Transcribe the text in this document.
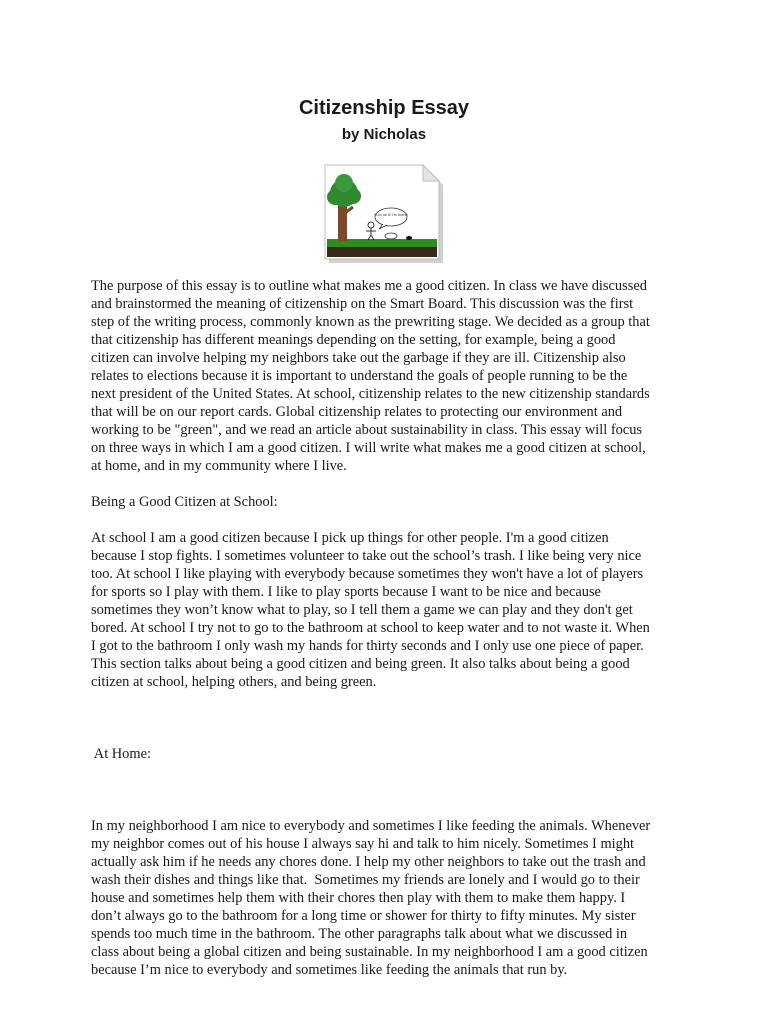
Citizenship Essay
by Nicholas
I can do it! I'm better

The purpose of this essay is to outline what makes me a good citizen. In class we have discussed
and brainstormed the meaning of citizenship on the Smart Board. This discussion was the first
step of the writing process, commonly known as the prewriting stage. We decided as a group that
that citizenship has different meanings depending on the setting, for example, being a good
citizen can involve helping my neighbors take out the garbage if they are ill. Citizenship also
relates to elections because it is important to understand the goals of people running to be the
next president of the United States. At school, citizenship relates to the new citizenship standards
that will be on our report cards. Global citizenship relates to protecting our environment and
working to be "green", and we read an article about sustainability in class. This essay will focus
on three ways in which I am a good citizen. I will write what makes me a good citizen at school,
at home, and in my community where I live.

Being a Good Citizen at School:

At school I am a good citizen because I pick up things for other people. I'm a good citizen
because I stop fights. I sometimes volunteer to take out the school’s trash. I like being very nice
too. At school I like playing with everybody because sometimes they won't have a lot of players
for sports so I play with them. I like to play sports because I want to be nice and because
sometimes they won’t know what to play, so I tell them a game we can play and they don't get
bored. At school I try not to go to the bathroom at school to keep water and to not waste it. When
I got to the bathroom I only wash my hands for thirty seconds and I only use one piece of paper.
This section talks about being a good citizen and being green. It also talks about being a good
citizen at school, helping others, and being green.

At Home:

In my neighborhood I am nice to everybody and sometimes I like feeding the animals. Whenever
my neighbor comes out of his house I always say hi and talk to him nicely. Sometimes I might
actually ask him if he needs any chores done. I help my other neighbors to take out the trash and
wash their dishes and things like that.  Sometimes my friends are lonely and I would go to their
house and sometimes help them with their chores then play with them to make them happy. I
don’t always go to the bathroom for a long time or shower for thirty to fifty minutes. My sister
spends too much time in the bathroom. The other paragraphs talk about what we discussed in
class about being a global citizen and being sustainable. In my neighborhood I am a good citizen
because I’m nice to everybody and sometimes like feeding the animals that run by.
